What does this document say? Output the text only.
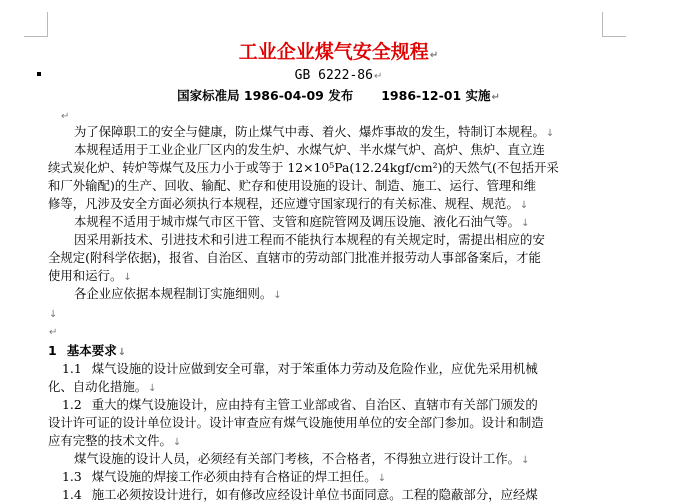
工业企业煤气安全规程↵
GB 6222-86↵
国家标准局 1986-04-09 发布 1986-12-01 实施↵
↵
为了保障职工的安全与健康，防止煤气中毒、着火、爆炸事故的发生，特制订本规程。↓
本规程适用于工业企业厂区内的发生炉、水煤气炉、半水煤气炉、高炉、焦炉、直立连
续式炭化炉、转炉等煤气及压力小于或等于 12×10⁵Pa(12.24kgf/cm²)的天然气(不包括开采
和厂外输配)的生产、回收、输配、贮存和使用设施的设计、制造、施工、运行、管理和维
修等，凡涉及安全方面必须执行本规程，还应遵守国家现行的有关标准、规程、规范。↓
本规程不适用于城市煤气市区干管、支管和庭院管网及调压设施、液化石油气等。↓
因采用新技术、引进技术和引进工程而不能执行本规程的有关规定时，需提出相应的安
全规定(附科学依据)，报省、自治区、直辖市的劳动部门批准并报劳动人事部备案后，才能
使用和运行。↓
各企业应依据本规程制订实施细则。↓
↓
↵
1 基本要求↓
1.1 煤气设施的设计应做到安全可靠，对于笨重体力劳动及危险作业，应优先采用机械
化、自动化措施。↓
1.2 重大的煤气设施设计，应由持有主管工业部或省、自治区、直辖市有关部门颁发的
设计许可证的设计单位设计。设计审查应有煤气设施使用单位的安全部门参加。设计和制造
应有完整的技术文件。↓
煤气设施的设计人员，必须经有关部门考核，不合格者，不得独立进行设计工作。↓
1.3 煤气设施的焊接工作必须由持有合格证的焊工担任。↓
1.4 施工必须按设计进行，如有修改应经设计单位书面同意。工程的隐蔽部分，应经煤
